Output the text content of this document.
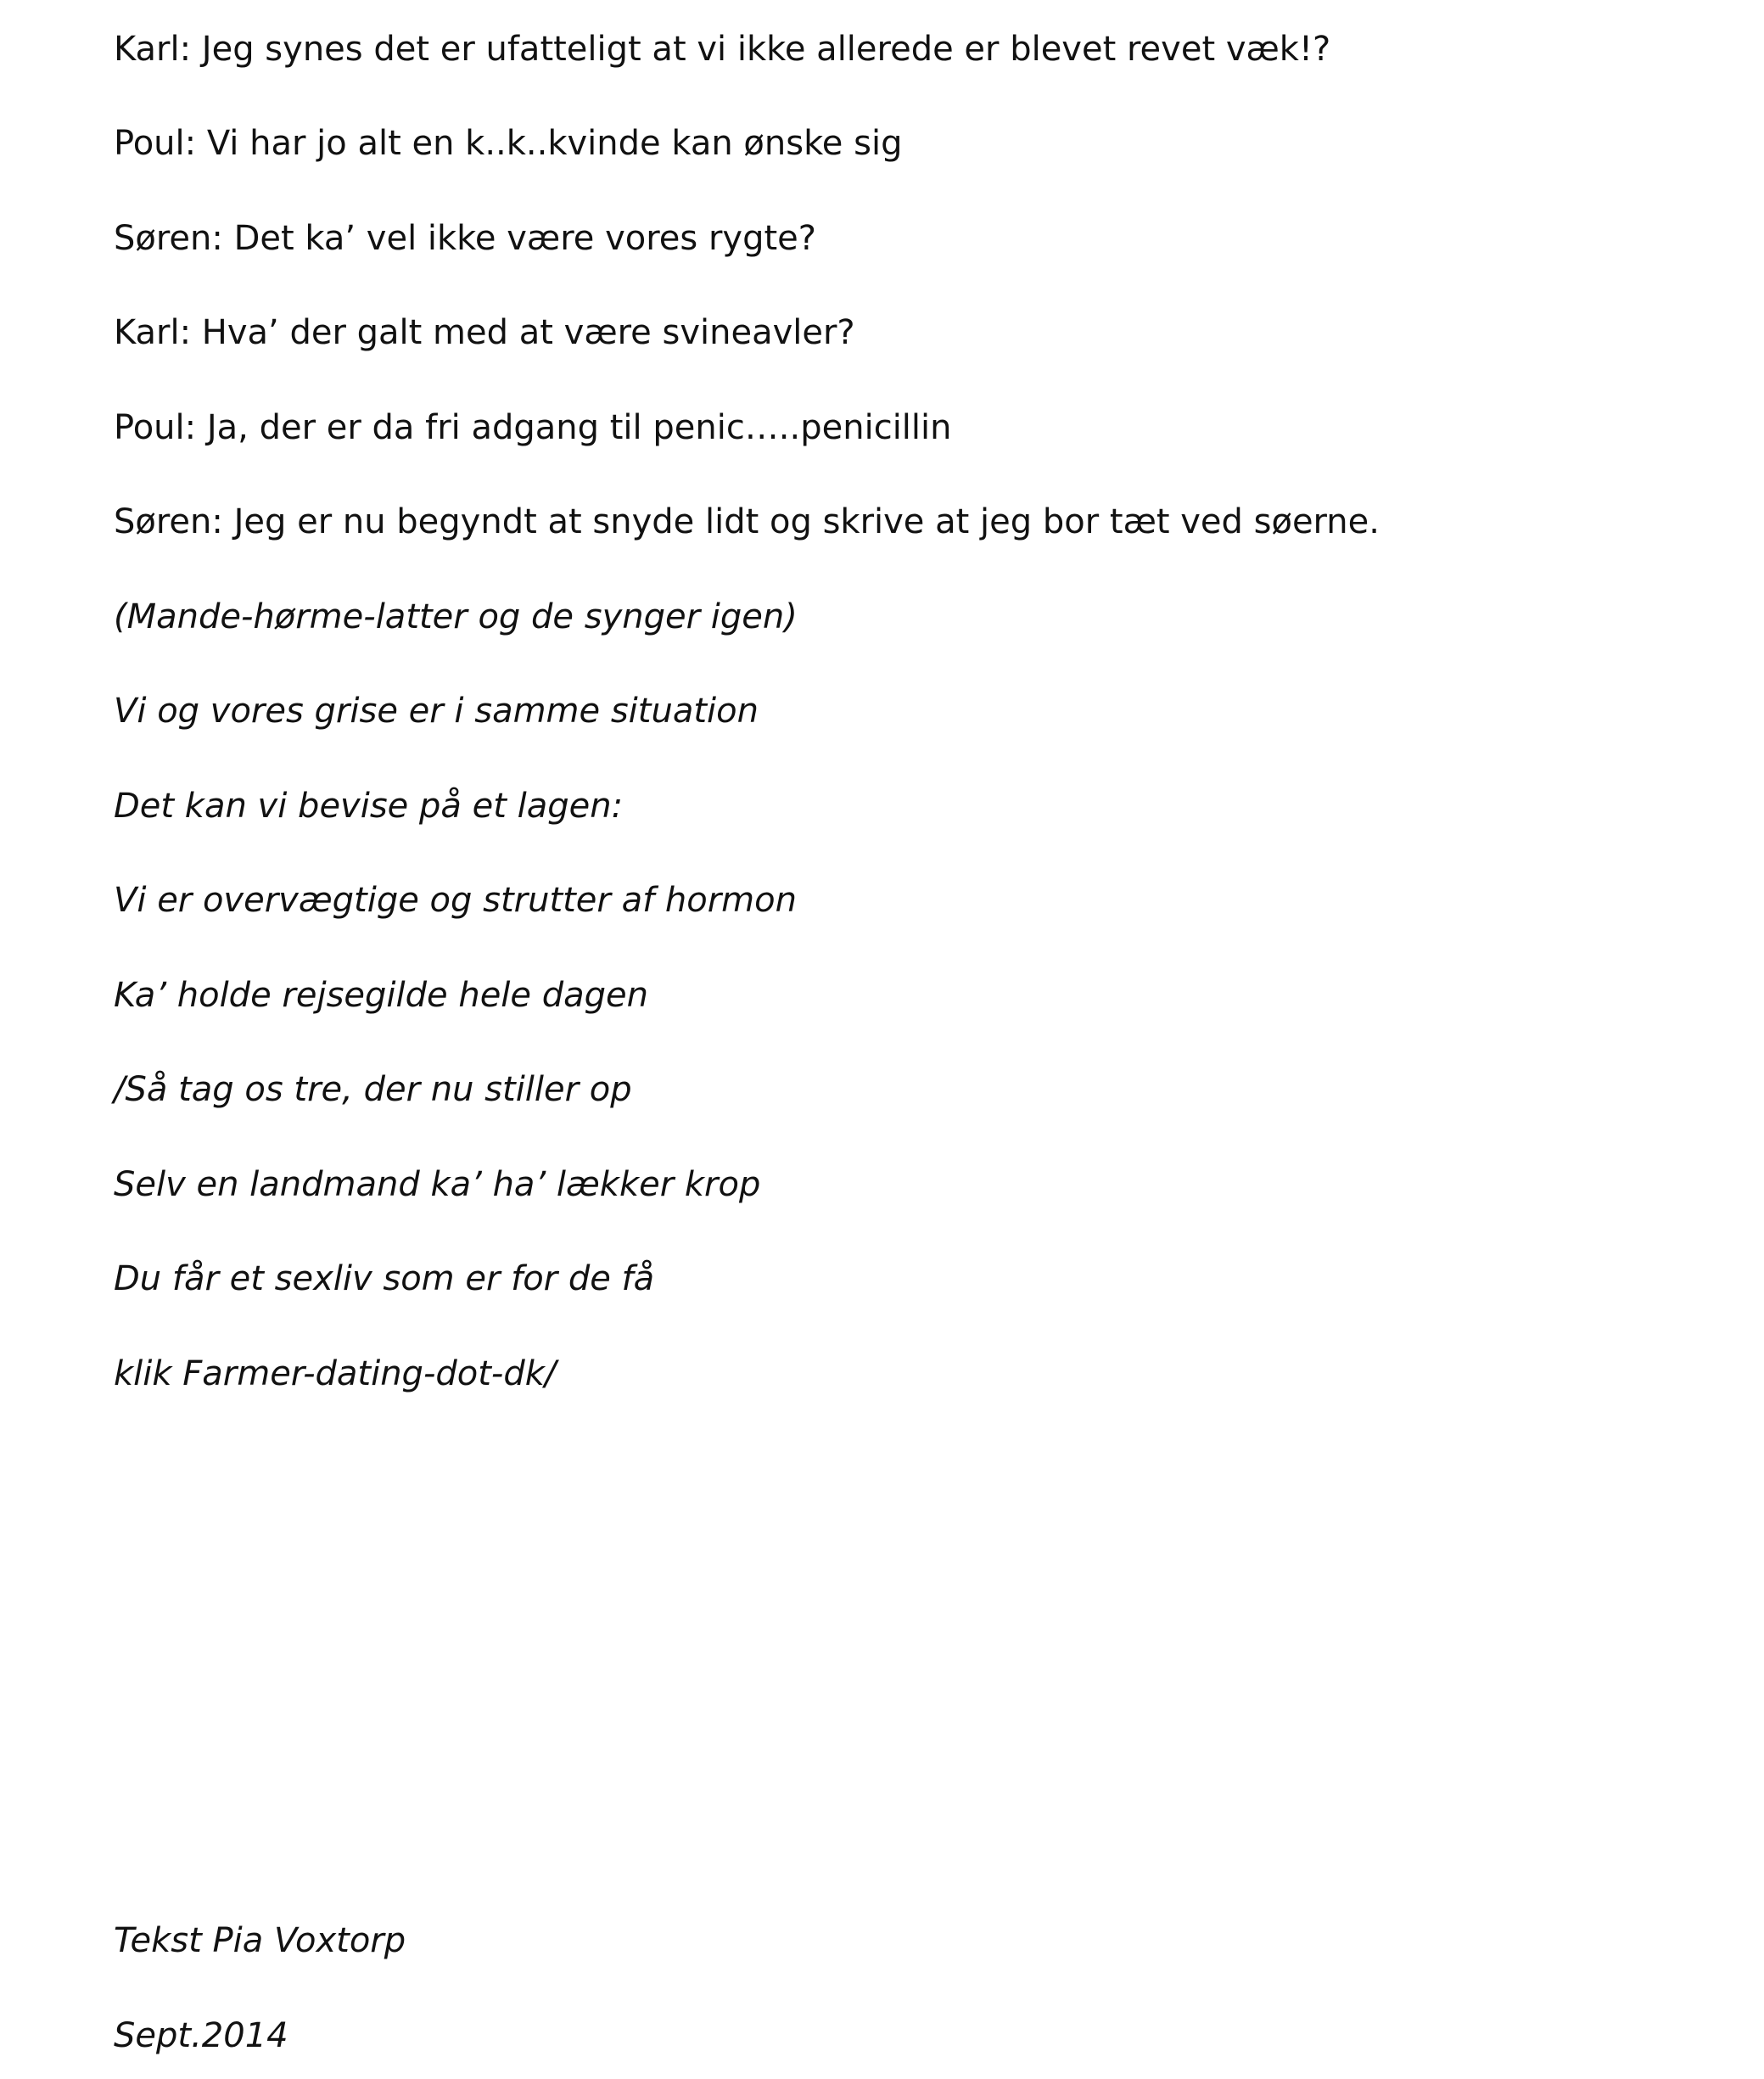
Karl: Jeg synes det er ufatteligt at vi ikke allerede er blevet revet væk!?
Poul: Vi har jo alt en k..k..kvinde kan ønske sig
Søren: Det ka’ vel ikke være vores rygte?
Karl: Hva’ der galt med at være svineavler?
Poul: Ja, der er da fri adgang til penic…..penicillin
Søren: Jeg er nu begyndt at snyde lidt og skrive at jeg bor tæt ved søerne.
(Mande-hørme-latter og de synger igen)
Vi og vores grise er i samme situation
Det kan vi bevise på et lagen:
Vi er overvægtige og strutter af hormon
Ka’ holde rejsegilde hele dagen
/Så tag os tre, der nu stiller op
Selv en landmand ka’ ha’ lækker krop
Du får et sexliv som er for de få
klik Farmer-dating-dot-dk/
Tekst Pia Voxtorp
Sept.2014
